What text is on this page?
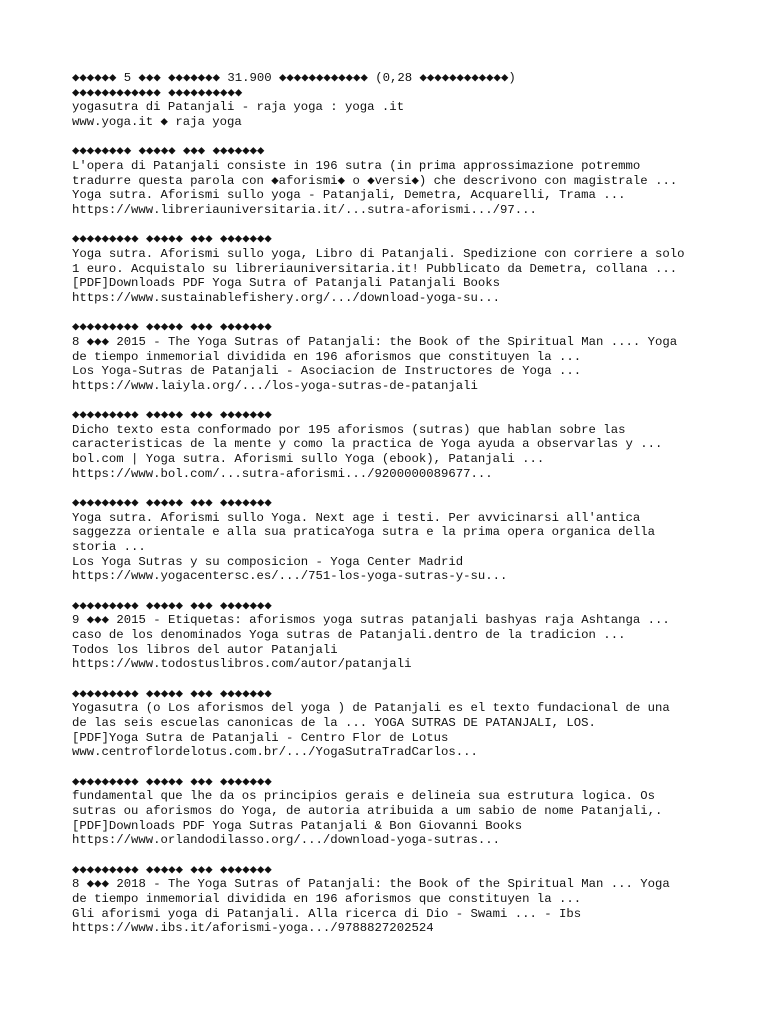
◆◆◆◆◆◆ 5 ◆◆◆ ◆◆◆◆◆◆◆ 31.900 ◆◆◆◆◆◆◆◆◆◆◆◆ (0,28 ◆◆◆◆◆◆◆◆◆◆◆◆)
◆◆◆◆◆◆◆◆◆◆◆◆ ◆◆◆◆◆◆◆◆◆◆
yogasutra di Patanjali - raja yoga : yoga .it
www.yoga.it ◆ raja yoga
◆◆◆◆◆◆◆◆ ◆◆◆◆◆ ◆◆◆ ◆◆◆◆◆◆◆
L'opera di Patanjali consiste in 196 sutra (in prima approssimazione potremmo
tradurre questa parola con ◆aforismi◆ o ◆versi◆) che descrivono con magistrale ...
Yoga sutra. Aforismi sullo yoga - Patanjali, Demetra, Acquarelli, Trama ...
https://www.libreriauniversitaria.it/...sutra-aforismi.../97...
◆◆◆◆◆◆◆◆◆ ◆◆◆◆◆ ◆◆◆ ◆◆◆◆◆◆◆
Yoga sutra. Aforismi sullo yoga, Libro di Patanjali. Spedizione con corriere a solo
1 euro. Acquistalo su libreriauniversitaria.it! Pubblicato da Demetra, collana ...
[PDF]Downloads PDF Yoga Sutra of Patanjali Patanjali Books
https://www.sustainablefishery.org/.../download-yoga-su...
◆◆◆◆◆◆◆◆◆ ◆◆◆◆◆ ◆◆◆ ◆◆◆◆◆◆◆
8 ◆◆◆ 2015 - The Yoga Sutras of Patanjali: the Book of the Spiritual Man .... Yoga
de tiempo inmemorial dividida en 196 aforismos que constituyen la ...
Los Yoga-Sutras de Patanjali - Asociacion de Instructores de Yoga ...
https://www.laiyla.org/.../los-yoga-sutras-de-patanjali
◆◆◆◆◆◆◆◆◆ ◆◆◆◆◆ ◆◆◆ ◆◆◆◆◆◆◆
Dicho texto esta conformado por 195 aforismos (sutras) que hablan sobre las
caracteristicas de la mente y como la practica de Yoga ayuda a observarlas y ...
bol.com | Yoga sutra. Aforismi sullo Yoga (ebook), Patanjali ...
https://www.bol.com/...sutra-aforismi.../9200000089677...
◆◆◆◆◆◆◆◆◆ ◆◆◆◆◆ ◆◆◆ ◆◆◆◆◆◆◆
Yoga sutra. Aforismi sullo Yoga. Next age i testi. Per avvicinarsi all'antica
saggezza orientale e alla sua praticaYoga sutra e la prima opera organica della
storia ...
Los Yoga Sutras y su composicion - Yoga Center Madrid
https://www.yogacentersc.es/.../751-los-yoga-sutras-y-su...
◆◆◆◆◆◆◆◆◆ ◆◆◆◆◆ ◆◆◆ ◆◆◆◆◆◆◆
9 ◆◆◆ 2015 - Etiquetas: aforismos yoga sutras patanjali bashyas raja Ashtanga ...
caso de los denominados Yoga sutras de Patanjali.dentro de la tradicion ...
Todos los libros del autor Patanjali
https://www.todostuslibros.com/autor/patanjali
◆◆◆◆◆◆◆◆◆ ◆◆◆◆◆ ◆◆◆ ◆◆◆◆◆◆◆
Yogasutra (o Los aforismos del yoga ) de Patanjali es el texto fundacional de una
de las seis escuelas canonicas de la ... YOGA SUTRAS DE PATANJALI, LOS.
[PDF]Yoga Sutra de Patanjali - Centro Flor de Lotus
www.centroflordelotus.com.br/.../YogaSutraTradCarlos...
◆◆◆◆◆◆◆◆◆ ◆◆◆◆◆ ◆◆◆ ◆◆◆◆◆◆◆
fundamental que lhe da os principios gerais e delineia sua estrutura logica. Os
sutras ou aforismos do Yoga, de autoria atribuida a um sabio de nome Patanjali,.
[PDF]Downloads PDF Yoga Sutras Patanjali & Bon Giovanni Books
https://www.orlandodilasso.org/.../download-yoga-sutras...
◆◆◆◆◆◆◆◆◆ ◆◆◆◆◆ ◆◆◆ ◆◆◆◆◆◆◆
8 ◆◆◆ 2018 - The Yoga Sutras of Patanjali: the Book of the Spiritual Man ... Yoga
de tiempo inmemorial dividida en 196 aforismos que constituyen la ...
Gli aforismi yoga di Patanjali. Alla ricerca di Dio - Swami ... - Ibs
https://www.ibs.it/aforismi-yoga.../9788827202524
